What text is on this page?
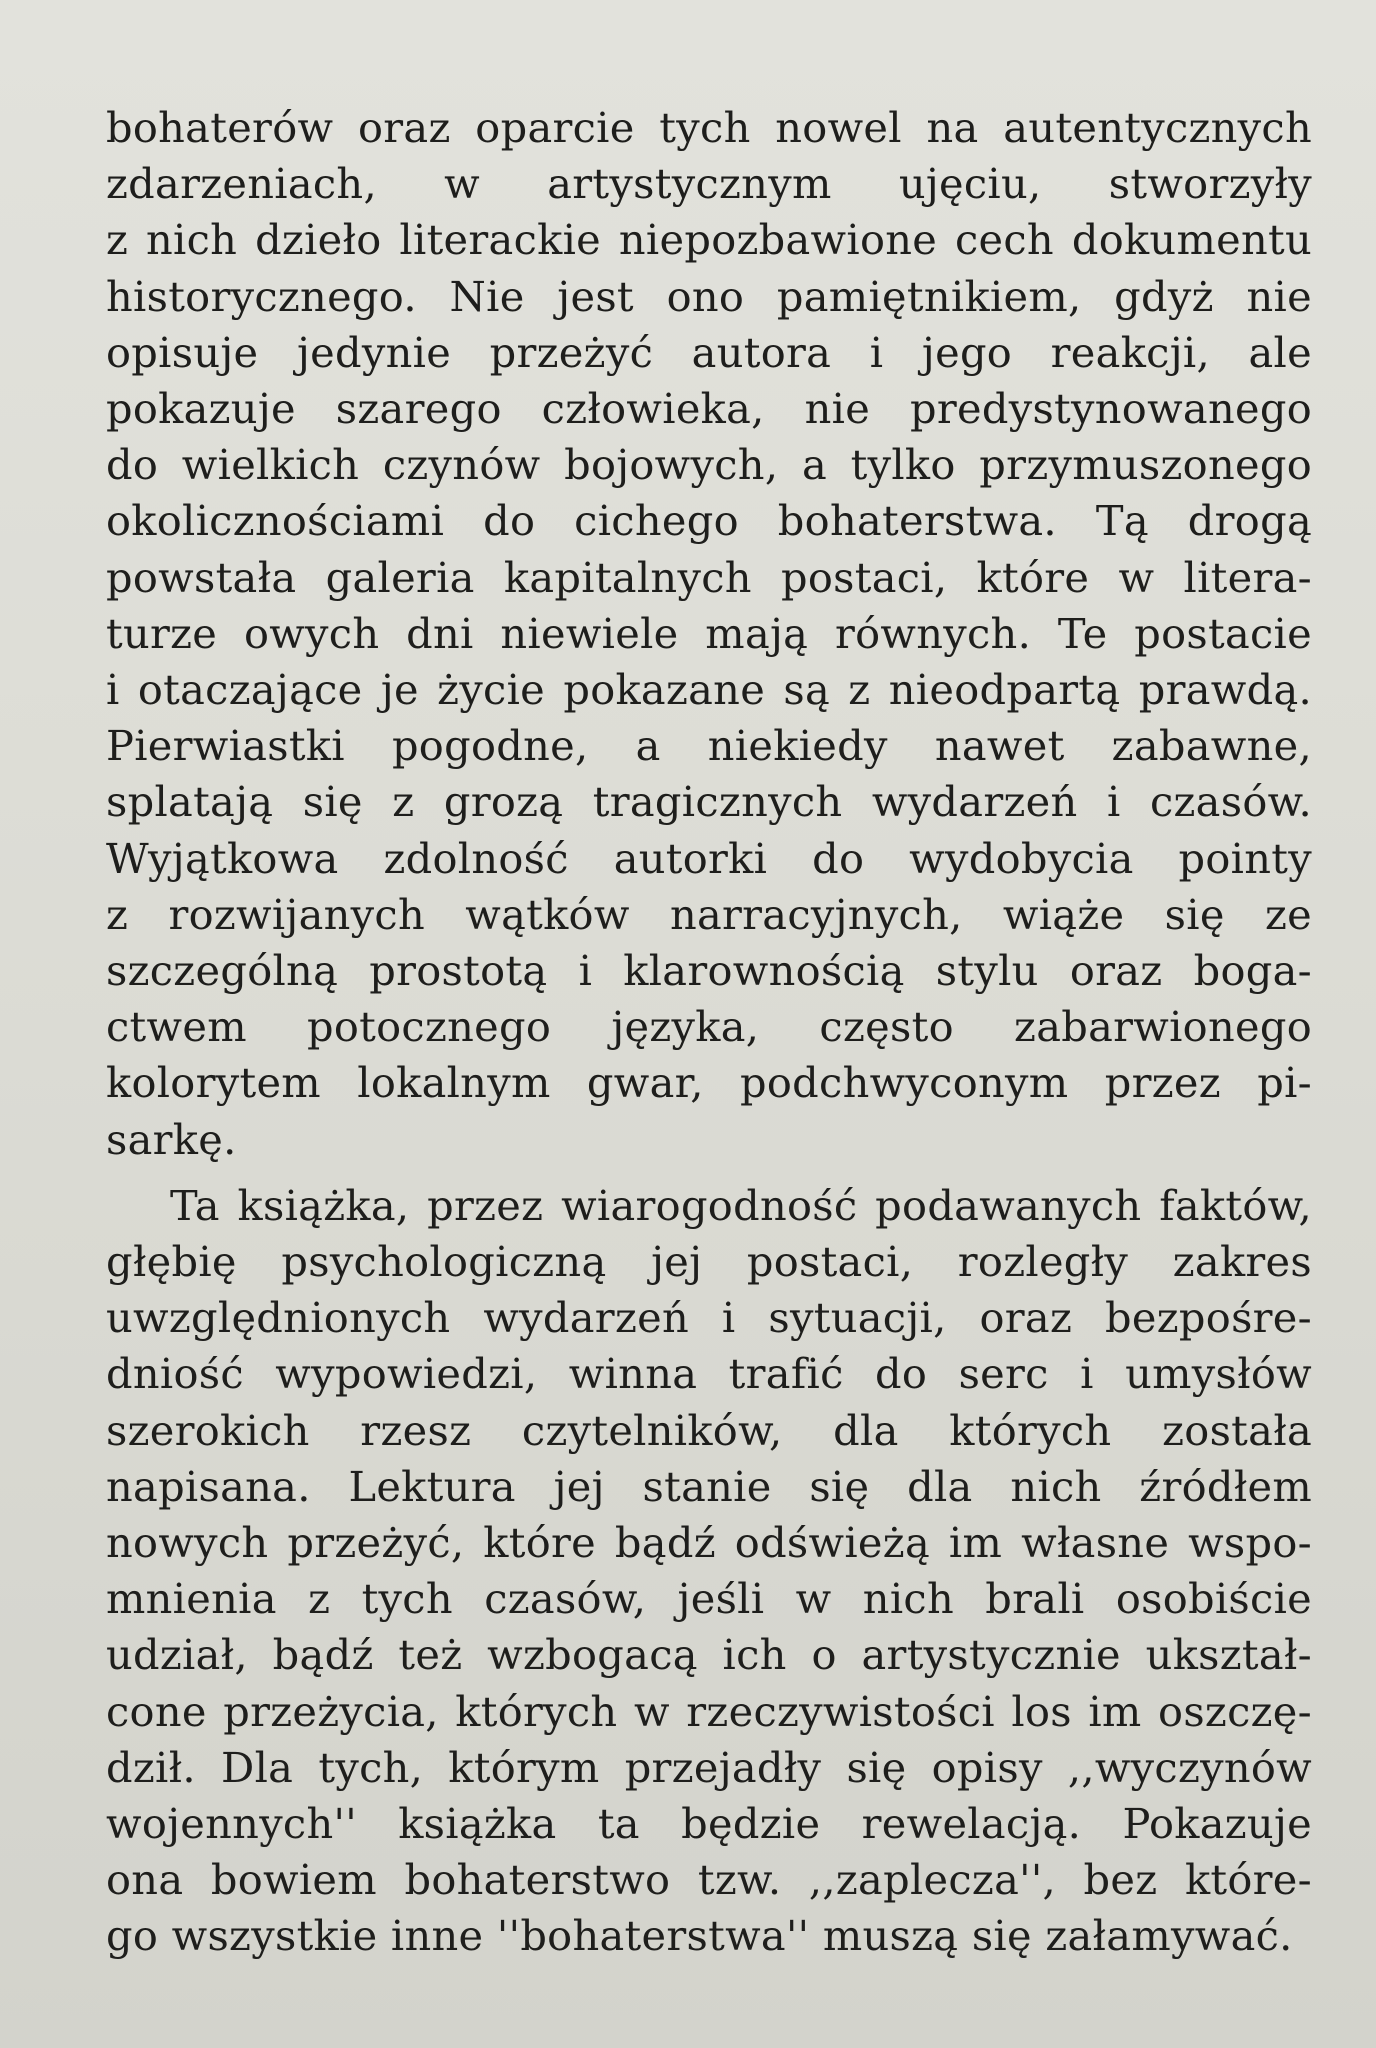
bohaterów oraz oparcie tych nowel na autentycznych
zdarzeniach, w artystycznym ujęciu, stworzyły
z nich dzieło literackie niepozbawione cech dokumentu
historycznego. Nie jest ono pamiętnikiem, gdyż nie
opisuje jedynie przeżyć autora i jego reakcji, ale
pokazuje szarego człowieka, nie predystynowanego
do wielkich czynów bojowych, a tylko przymuszonego
okolicznościami do cichego bohaterstwa. Tą drogą
powstała galeria kapitalnych postaci, które w litera-
turze owych dni niewiele mają równych. Te postacie
i otaczające je życie pokazane są z nieodpartą prawdą.
Pierwiastki pogodne, a niekiedy nawet zabawne,
splatają się z grozą tragicznych wydarzeń i czasów.
Wyjątkowa zdolność autorki do wydobycia pointy
z rozwijanych wątków narracyjnych, wiąże się ze
szczególną prostotą i klarownością stylu oraz boga-
ctwem potocznego języka, często zabarwionego
kolorytem lokalnym gwar, podchwyconym przez pi-
sarkę.
Ta książka, przez wiarogodność podawanych faktów,
głębię psychologiczną jej postaci, rozległy zakres
uwzględnionych wydarzeń i sytuacji, oraz bezpośre-
dniość wypowiedzi, winna trafić do serc i umysłów
szerokich rzesz czytelników, dla których została
napisana. Lektura jej stanie się dla nich źródłem
nowych przeżyć, które bądź odświeżą im własne wspo-
mnienia z tych czasów, jeśli w nich brali osobiście
udział, bądź też wzbogacą ich o artystycznie ukształ-
cone przeżycia, których w rzeczywistości los im oszczę-
dził. Dla tych, którym przejadły się opisy ,,wyczynów
wojennych'' książka ta będzie rewelacją. Pokazuje
ona bowiem bohaterstwo tzw. ,,zaplecza'', bez które-
go wszystkie inne ''bohaterstwa'' muszą się załamywać.
